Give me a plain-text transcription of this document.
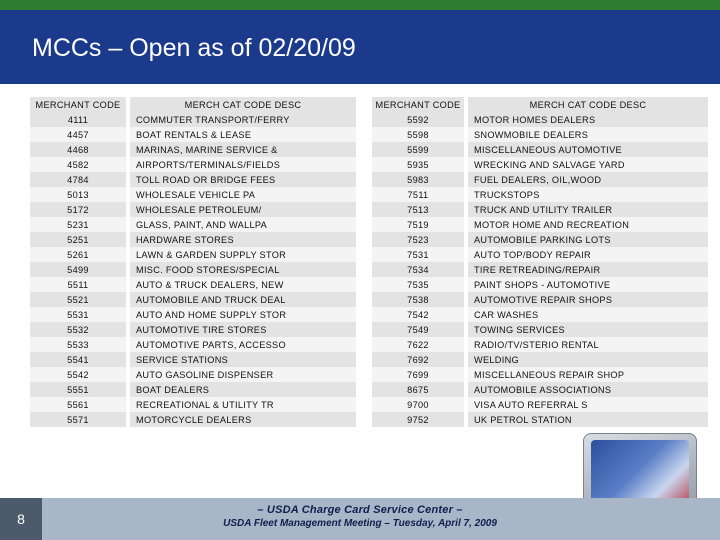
MCCs – Open as of 02/20/09
MERCHANT CODE		MERCH CAT CODE DESC
4111		COMMUTER TRANSPORT/FERRY
4457		BOAT RENTALS & LEASE
4468		MARINAS, MARINE SERVICE &
4582		AIRPORTS/TERMINALS/FIELDS
4784		TOLL ROAD OR BRIDGE FEES
5013		WHOLESALE VEHICLE PA
5172		WHOLESALE PETROLEUM/
5231		GLASS, PAINT, AND WALLPA
5251		HARDWARE STORES
5261		LAWN & GARDEN SUPPLY STOR
5499		MISC. FOOD STORES/SPECIAL
5511		AUTO & TRUCK DEALERS, NEW
5521		AUTOMOBILE AND TRUCK DEAL
5531		AUTO AND HOME SUPPLY STOR
5532		AUTOMOTIVE TIRE STORES
5533		AUTOMOTIVE PARTS, ACCESSO
5541		SERVICE STATIONS
5542		AUTO GASOLINE DISPENSER
5551		BOAT DEALERS
5561		RECREATIONAL & UTILITY TR
5571		MOTORCYCLE DEALERS
MERCHANT CODE		MERCH CAT CODE DESC
5592		MOTOR HOMES DEALERS
5598		SNOWMOBILE DEALERS
5599		MISCELLANEOUS AUTOMOTIVE
5935		WRECKING AND SALVAGE YARD
5983		FUEL DEALERS, OIL,WOOD
7511		TRUCKSTOPS
7513		TRUCK AND UTILITY TRAILER
7519		MOTOR HOME AND RECREATION
7523		AUTOMOBILE PARKING LOTS
7531		AUTO TOP/BODY REPAIR
7534		TIRE RETREADING/REPAIR
7535		PAINT SHOPS - AUTOMOTIVE
7538		AUTOMOTIVE REPAIR SHOPS
7542		CAR WASHES
7549		TOWING SERVICES
7622		RADIO/TV/STERIO RENTAL
7692		WELDING
7699		MISCELLANEOUS REPAIR SHOP
8675		AUTOMOBILE ASSOCIATIONS
9700		VISA AUTO REFERRAL S
9752		UK PETROL STATION
8
– USDA Charge Card Service Center –
USDA Fleet Management Meeting – Tuesday, April 7, 2009
